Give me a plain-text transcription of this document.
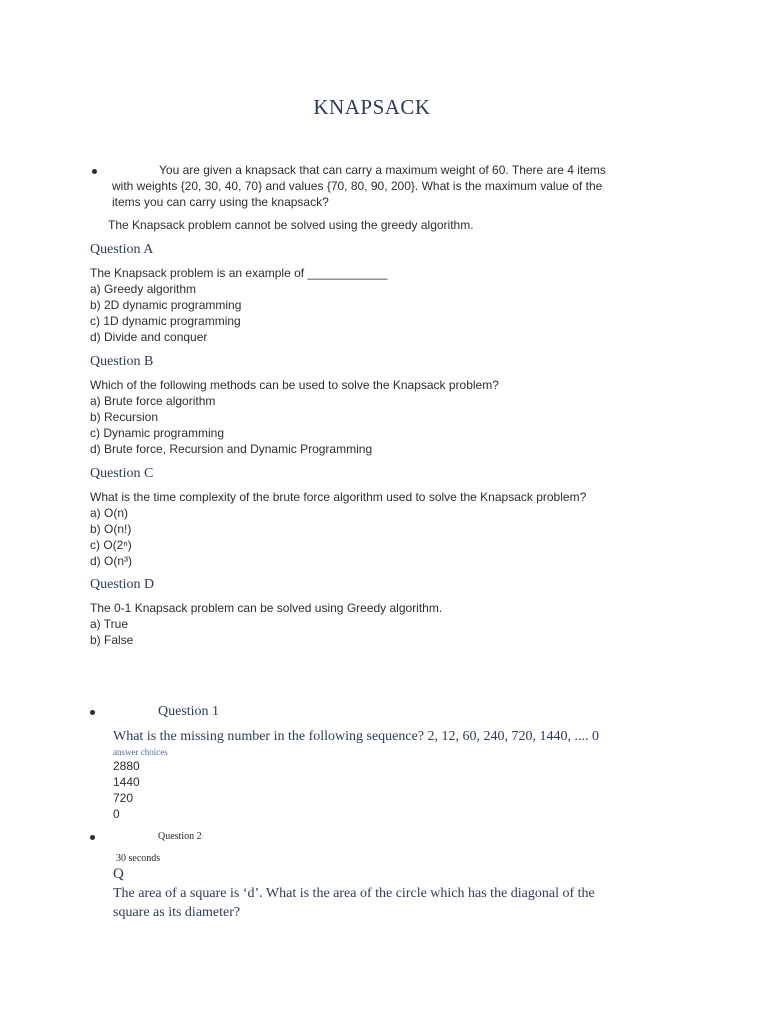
KNAPSACK
You are given a knapsack that can carry a maximum weight of 60. There are 4 items
with weights {20, 30, 40, 70} and values {70, 80, 90, 200}. What is the maximum value of the
items you can carry using the knapsack?
The Knapsack problem cannot be solved using the greedy algorithm.
Question A
The Knapsack problem is an example of ____________
a) Greedy algorithm
b) 2D dynamic programming
c) 1D dynamic programming
d) Divide and conquer
Question B
Which of the following methods can be used to solve the Knapsack problem?
a) Brute force algorithm
b) Recursion
c) Dynamic programming
d) Brute force, Recursion and Dynamic Programming
Question C
What is the time complexity of the brute force algorithm used to solve the Knapsack problem?
a) O(n)
b) O(n!)
c) O(2ⁿ)
d) O(n³)
Question D
The 0-1 Knapsack problem can be solved using Greedy algorithm.
a) True
b) False
Question 1
What is the missing number in the following sequence? 2, 12, 60, 240, 720, 1440, .... 0
answer choices
2880
1440
720
0
Question 2
30 seconds
Q
The area of a square is ‘d’. What is the area of the circle which has the diagonal of the
square as its diameter?
